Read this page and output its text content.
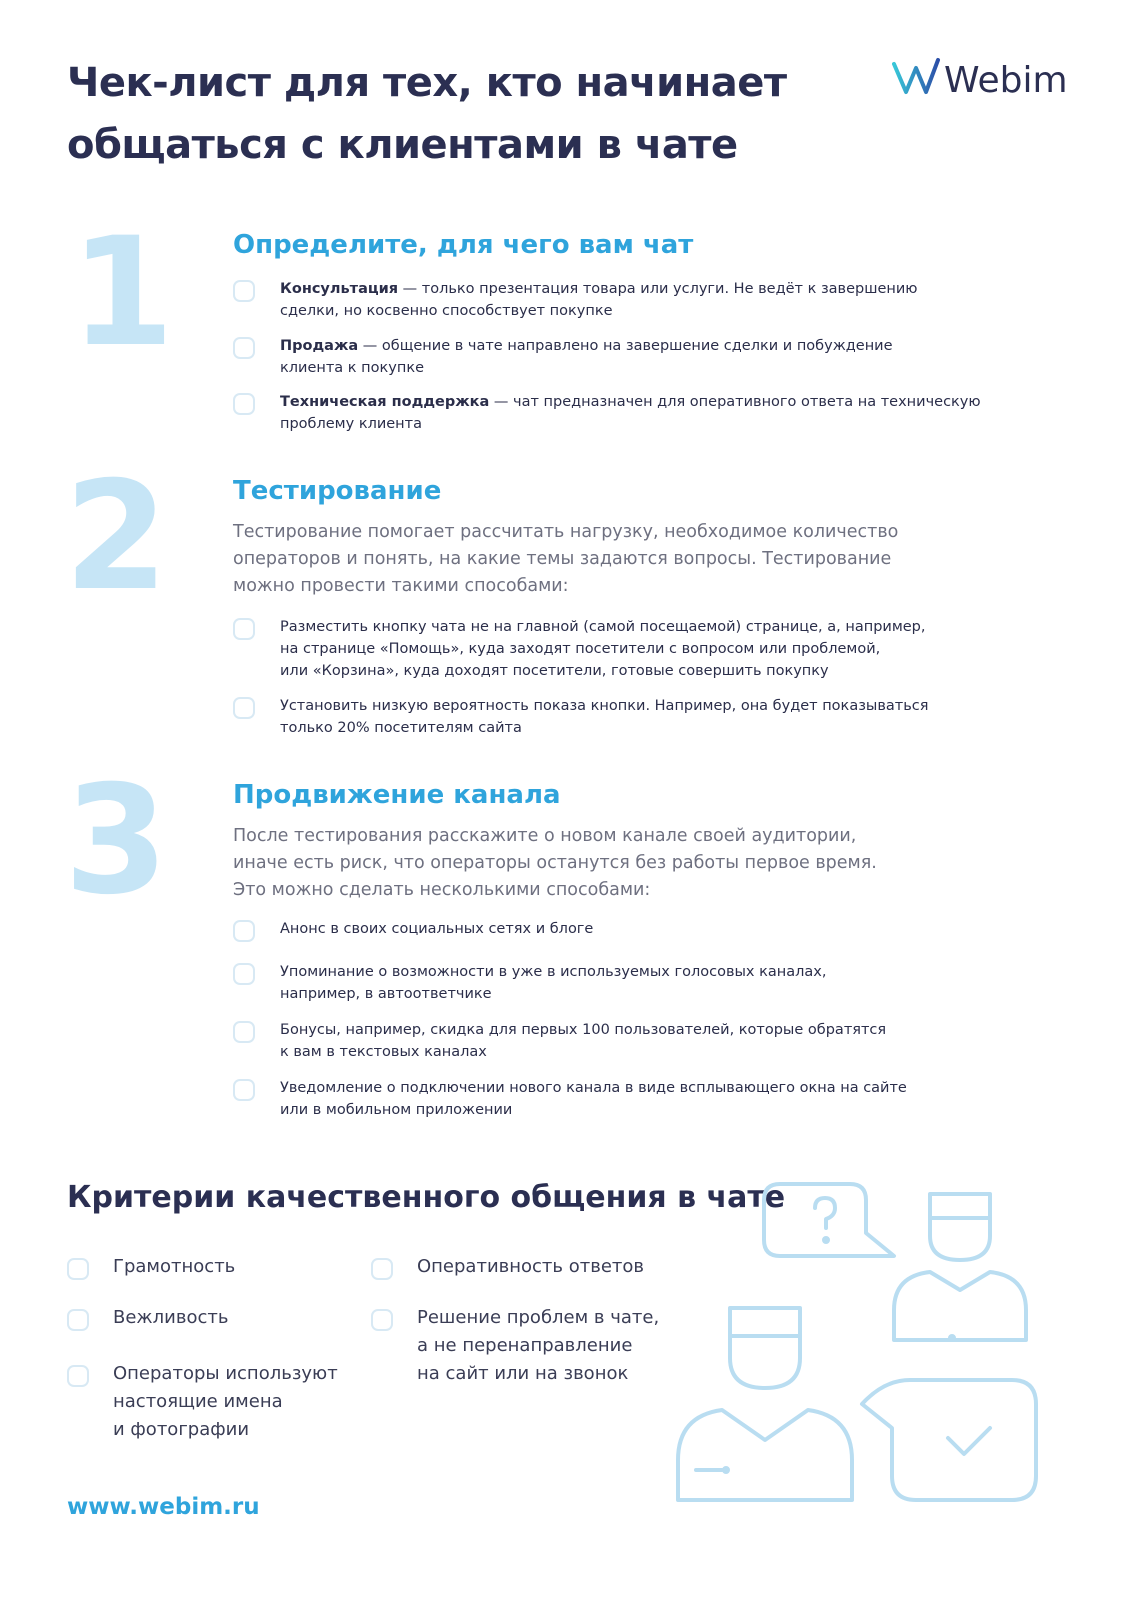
Чек-лист для тех, кто начинает
общаться с клиентами в чате
Webim
1 Определите, для чего вам чат
Консультация — только презентация товара или услуги. Не ведёт к завершению
сделки, но косвенно способствует покупке
Продажа — общение в чате направлено на завершение сделки и побуждение
клиента к покупке
Техническая поддержка — чат предназначен для оперативного ответа на техническую
проблему клиента
2 Тестирование
Тестирование помогает рассчитать нагрузку, необходимое количество
операторов и понять, на какие темы задаются вопросы. Тестирование
можно провести такими способами:
Разместить кнопку чата не на главной (самой посещаемой) странице, а, например,
на странице «Помощь», куда заходят посетители с вопросом или проблемой,
или «Корзина», куда доходят посетители, готовые совершить покупку
Установить низкую вероятность показа кнопки. Например, она будет показываться
только 20% посетителям сайта
3 Продвижение канала
После тестирования расскажите о новом канале своей аудитории,
иначе есть риск, что операторы останутся без работы первое время.
Это можно сделать несколькими способами:
Анонс в своих социальных сетях и блоге
Упоминание о возможности в уже в используемых голосовых каналах,
например, в автоответчике
Бонусы, например, скидка для первых 100 пользователей, которые обратятся
к вам в текстовых каналах
Уведомление о подключении нового канала в виде всплывающего окна на сайте
или в мобильном приложении
Критерии качественного общения в чате
Грамотность
Вежливость
Операторы используют
настоящие имена
и фотографии
Оперативность ответов
Решение проблем в чате,
а не перенаправление
на сайт или на звонок
www.webim.ru
